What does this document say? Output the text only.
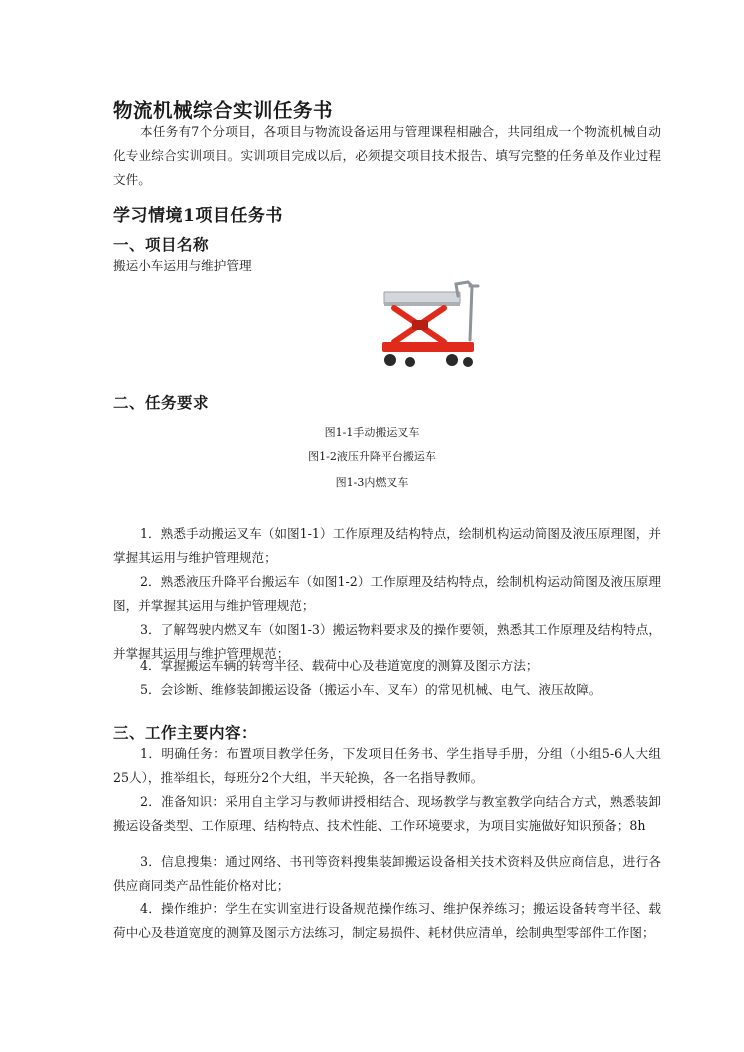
物流机械综合实训任务书
本任务有7个分项目，各项目与物流设备运用与管理课程相融合，共同组成一个物流机械自动化专业综合实训项目。实训项目完成以后，必须提交项目技术报告、填写完整的任务单及作业过程文件。
学习情境1项目任务书
一、项目名称
搬运小车运用与维护管理
二、任务要求
图1-1手动搬运叉车
图1-2液压升降平台搬运车
图1-3内燃叉车
1．熟悉手动搬运叉车（如图1-1）工作原理及结构特点，绘制机构运动简图及液压原理图，并掌握其运用与维护管理规范；
2．熟悉液压升降平台搬运车（如图1-2）工作原理及结构特点，绘制机构运动简图及液压原理图，并掌握其运用与维护管理规范；
3．了解驾驶内燃叉车（如图1-3）搬运物料要求及的操作要领，熟悉其工作原理及结构特点，并掌握其运用与维护管理规范；
4．掌握搬运车辆的转弯半径、载荷中心及巷道宽度的测算及图示方法；
5．会诊断、维修装卸搬运设备（搬运小车、叉车）的常见机械、电气、液压故障。
三、工作主要内容：
1．明确任务：布置项目教学任务，下发项目任务书、学生指导手册，分组（小组5-6人大组25人），推举组长，每班分2个大组，半天轮换，各一名指导教师。
2．准备知识：采用自主学习与教师讲授相结合、现场教学与教室教学向结合方式，熟悉装卸搬运设备类型、工作原理、结构特点、技术性能、工作环境要求，为项目实施做好知识预备；8h
3．信息搜集：通过网络、书刊等资料搜集装卸搬运设备相关技术资料及供应商信息，进行各供应商同类产品性能价格对比；
4．操作维护：学生在实训室进行设备规范操作练习、维护保养练习；搬运设备转弯半径、载荷中心及巷道宽度的测算及图示方法练习，制定易损件、耗材供应清单，绘制典型零部件工作图；
